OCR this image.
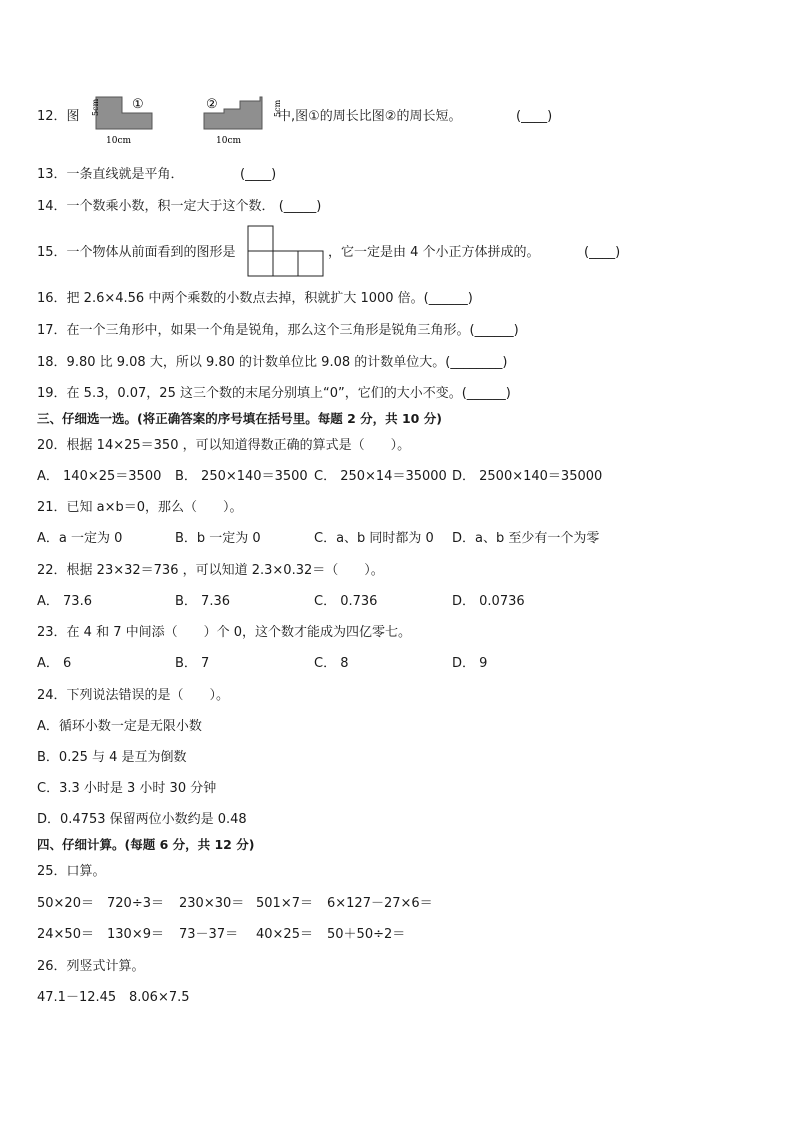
12．图
5cm ①
10cm
②	5cm
10cm
中,图①的周长比图②的周长短。	(____)
13．一条直线就是平角．	(____)
14．一个数乘小数，积一定大于这个数． (_____)
15．一个物体从前面看到的图形是	，它一定是由 4 个小正方体拼成的。	(____)
16．把 2.6×4.56 中两个乘数的小数点去掉，积就扩大 1000 倍。(______)
17．在一个三角形中，如果一个角是锐角，那么这个三角形是锐角三角形。(______)
18．9.80 比 9.08 大，所以 9.80 的计数单位比 9.08 的计数单位大。(________)
19．在 5.3，0.07，25 这三个数的末尾分别填上“0”，它们的大小不变。(______)
三、仔细选一选。(将正确答案的序号填在括号里。每题 2 分，共 10 分)
20．根据 14×25＝350 ，可以知道得数正确的算式是（　　）。
A． 140×25＝3500 B． 250×140＝3500 C． 250×14＝35000 D． 2500×140＝35000
21．已知 a×b＝0，那么（　　）。
A．a 一定为 0	B．b 一定为 0	C．a、b 同时都为 0 D．a、b 至少有一个为零
22．根据 23×32＝736 ，可以知道 2.3×0.32＝（　　）。
A． 73.6	B． 7.36	C． 0.736	D． 0.0736
23．在 4 和 7 中间添（　　）个 0，这个数才能成为四亿零七。
A． 6	B． 7	C． 8	D． 9
24．下列说法错误的是（　　）。
A．循环小数一定是无限小数
B．0.25 与 4 是互为倒数
C．3.3 小时是 3 小时 30 分钟
D．0.4753 保留两位小数约是 0.48
四、仔细计算。(每题 6 分，共 12 分)
25．口算。
50×20＝ 720÷3＝ 230×30＝ 501×7＝ 6×127－27×6＝
24×50＝ 130×9＝ 73－37＝ 40×25＝ 50＋50÷2＝
26．列竖式计算。
47.1－12.45 8.06×7.5
